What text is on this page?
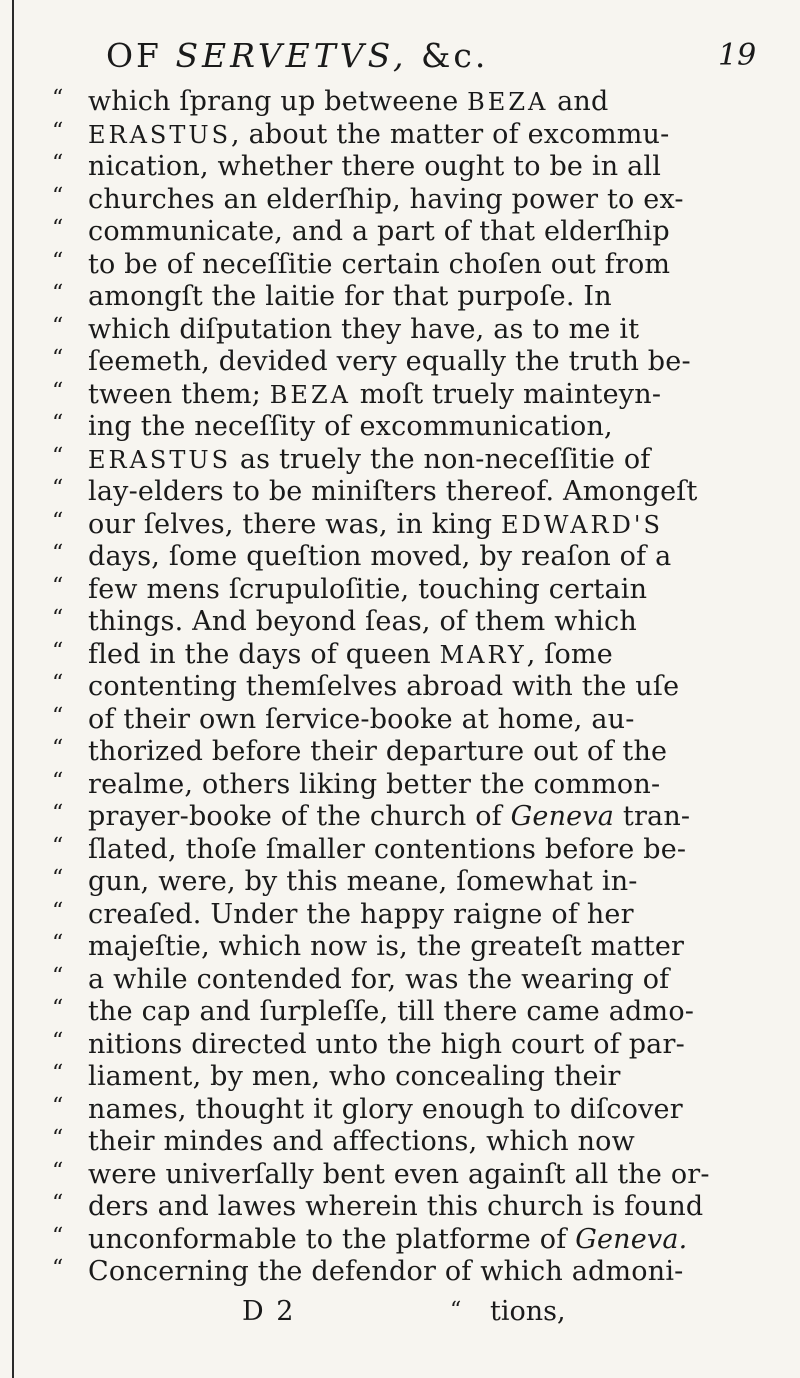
OF SERVETVS, &c.	19
“ which ſprang up betweene BEZA and
“ ERASTUS, about the matter of excommu-
“ nication, whether there ought to be in all
“ churches an elderſhip, having power to ex-
“ communicate, and a part of that elderſhip
“ to be of neceſſitie certain choſen out from
“ amongſt the laitie for that purpoſe. In
“ which diſputation they have, as to me it
“ ſeemeth, devided very equally the truth be-
“ tween them; BEZA moſt truely mainteyn-
“ ing the neceſſity of excommunication,
“ ERASTUS as truely the non-neceſſitie of
“ lay-elders to be miniſters thereof. Amongeſt
“ our ſelves, there was, in king EDWARD'S
“ days, ſome queſtion moved, by reaſon of a
“ few mens ſcrupuloſitie, touching certain
“ things. And beyond ſeas, of them which
“ fled in the days of queen MARY, ſome
“ contenting themſelves abroad with the uſe
“ of their own ſervice-booke at home, au-
“ thorized before their departure out of the
“ realme, others liking better the common-
“ prayer-booke of the church of Geneva tran-
“ ſlated, thoſe ſmaller contentions before be-
“ gun, were, by this meane, ſomewhat in-
“ creaſed. Under the happy raigne of her
“ majeſtie, which now is, the greateſt matter
“ a while contended for, was the wearing of
“ the cap and ſurpleſſe, till there came admo-
“ nitions directed unto the high court of par-
“ liament, by men, who concealing their
“ names, thought it glory enough to diſcover
“ their mindes and affections, which now
“ were univerſally bent even againſt all the or-
“ ders and lawes wherein this church is found
“ unconformable to the platforme of Geneva.
“ Concerning the defendor of which admoni-
D 2	“ tions,
